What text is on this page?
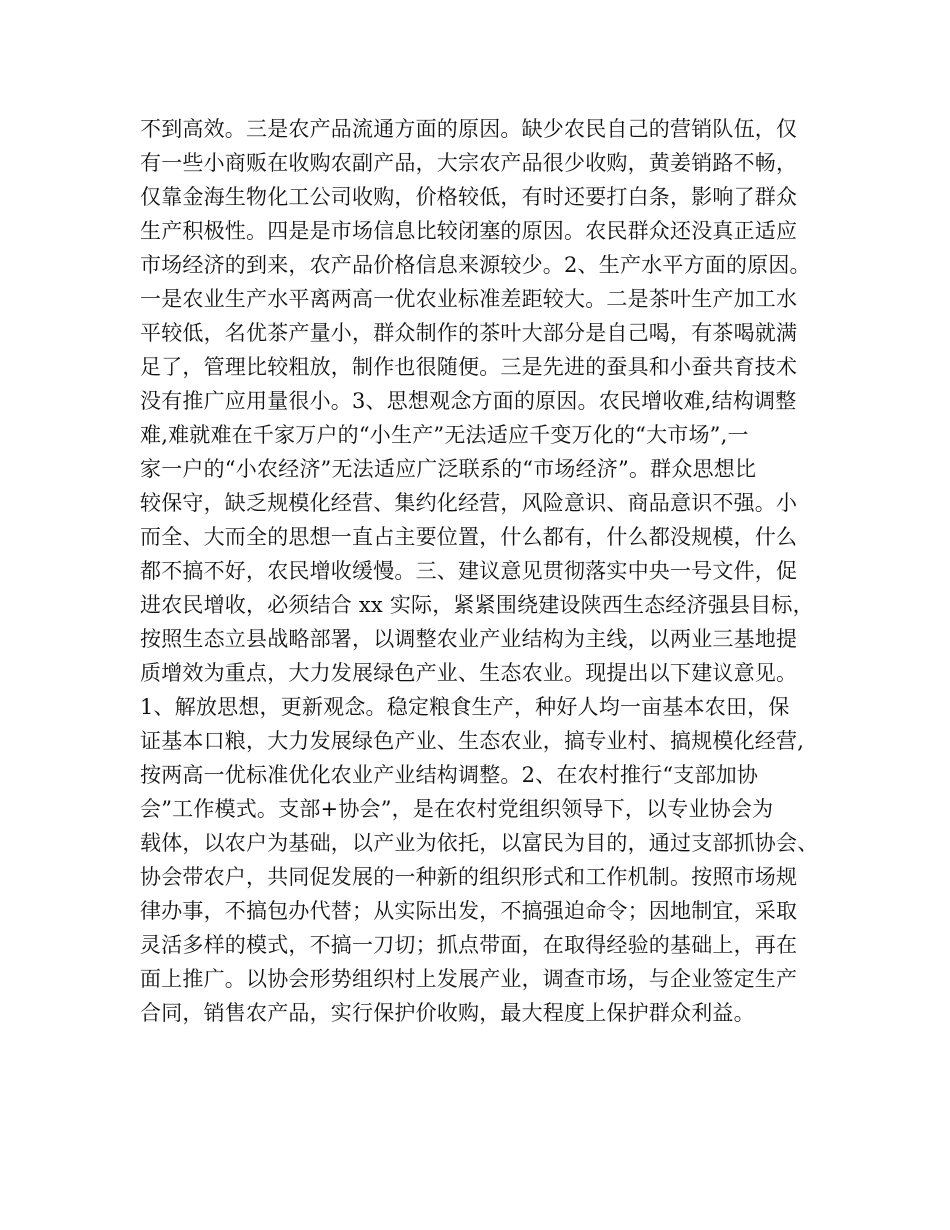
不到高效。三是农产品流通方面的原因。缺少农民自己的营销队伍，仅
有一些小商贩在收购农副产品，大宗农产品很少收购，黄姜销路不畅，
仅靠金海生物化工公司收购，价格较低，有时还要打白条，影响了群众
生产积极性。四是是市场信息比较闭塞的原因。农民群众还没真正适应
市场经济的到来，农产品价格信息来源较少。2、生产水平方面的原因。
一是农业生产水平离两高一优农业标准差距较大。二是茶叶生产加工水
平较低，名优茶产量小，群众制作的茶叶大部分是自己喝，有茶喝就满
足了，管理比较粗放，制作也很随便。三是先进的蚕具和小蚕共育技术
没有推广应用量很小。3、思想观念方面的原因。农民增收难,结构调整
难,难就难在千家万户的“小生产”无法适应千变万化的“大市场”,一
家一户的“小农经济”无法适应广泛联系的“市场经济”。群众思想比
较保守，缺乏规模化经营、集约化经营，风险意识、商品意识不强。小
而全、大而全的思想一直占主要位置，什么都有，什么都没规模，什么
都不搞不好，农民增收缓慢。三、建议意见贯彻落实中央一号文件，促
进农民增收，必须结合 xx 实际，紧紧围绕建设陕西生态经济强县目标，
按照生态立县战略部署，以调整农业产业结构为主线，以两业三基地提
质增效为重点，大力发展绿色产业、生态农业。现提出以下建议意见。
1、解放思想，更新观念。稳定粮食生产，种好人均一亩基本农田，保
证基本口粮，大力发展绿色产业、生态农业，搞专业村、搞规模化经营,
按两高一优标准优化农业产业结构调整。2、在农村推行“支部加协
会”工作模式。支部+协会”，是在农村党组织领导下，以专业协会为
载体，以农户为基础，以产业为依托，以富民为目的，通过支部抓协会、
协会带农户，共同促发展的一种新的组织形式和工作机制。按照市场规
律办事，不搞包办代替；从实际出发，不搞强迫命令；因地制宜，采取
灵活多样的模式，不搞一刀切；抓点带面，在取得经验的基础上，再在
面上推广。以协会形势组织村上发展产业，调查市场，与企业签定生产
合同，销售农产品，实行保护价收购，最大程度上保护群众利益。
